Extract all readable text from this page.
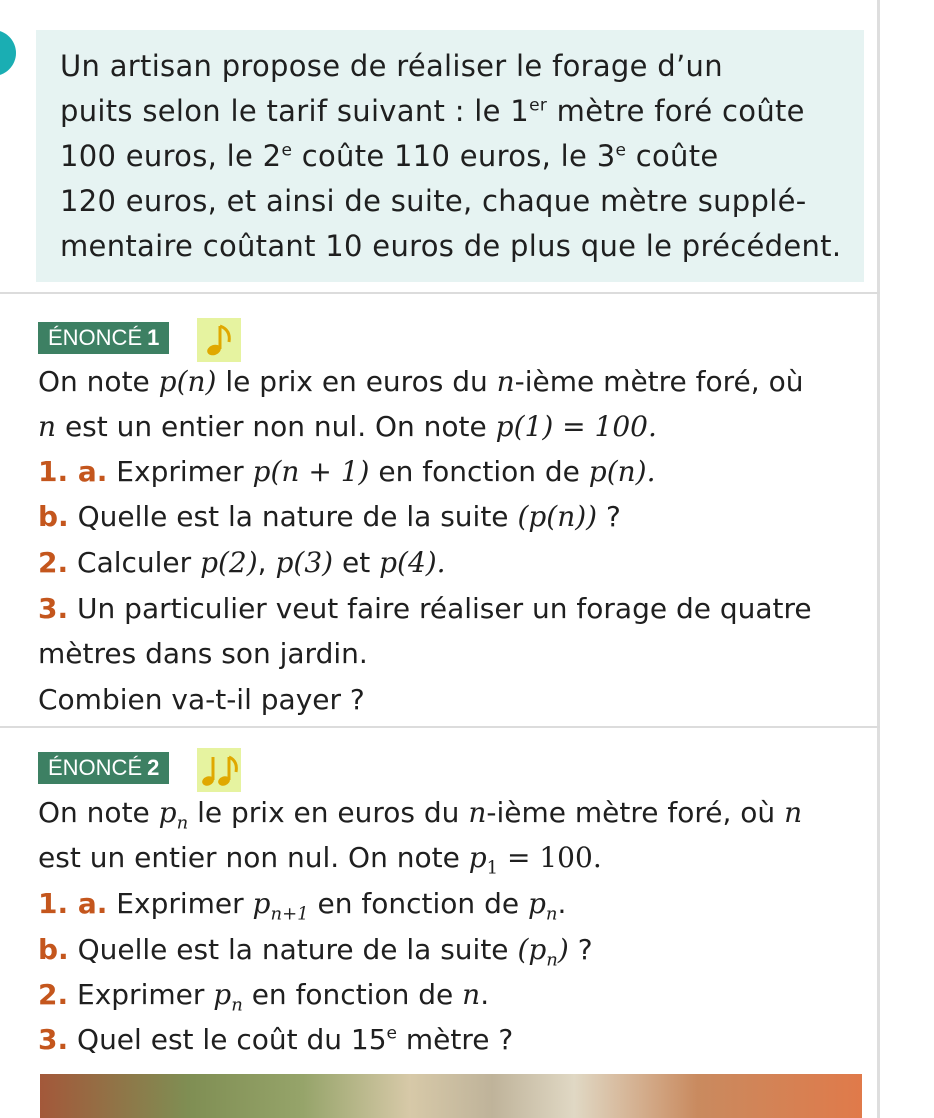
Un artisan propose de réaliser le forage d’un
puits selon le tarif suivant : le 1er mètre foré coûte
100 euros, le 2e coûte 110 euros, le 3e coûte
120 euros, et ainsi de suite, chaque mètre supplé-
mentaire coûtant 10 euros de plus que le précédent.
ÉNONCÉ 1
On note p(n) le prix en euros du n-ième mètre foré, où
n est un entier non nul. On note p(1) = 100.
1. a. Exprimer p(n + 1) en fonction de p(n).
b. Quelle est la nature de la suite (p(n)) ?
2. Calculer p(2), p(3) et p(4).
3. Un particulier veut faire réaliser un forage de quatre
mètres dans son jardin.
Combien va-t-il payer ?
ÉNONCÉ 2
On note $p_n$ le prix en euros du n-ième mètre foré, où n
est un entier non nul. On note $p_1 = 100$.
1. a. Exprimer $p_{n+1}$ en fonction de $p_n$.
b. Quelle est la nature de la suite $(p_n)$ ?
2. Exprimer $p_n$ en fonction de n.
3. Quel est le coût du 15e mètre ?
